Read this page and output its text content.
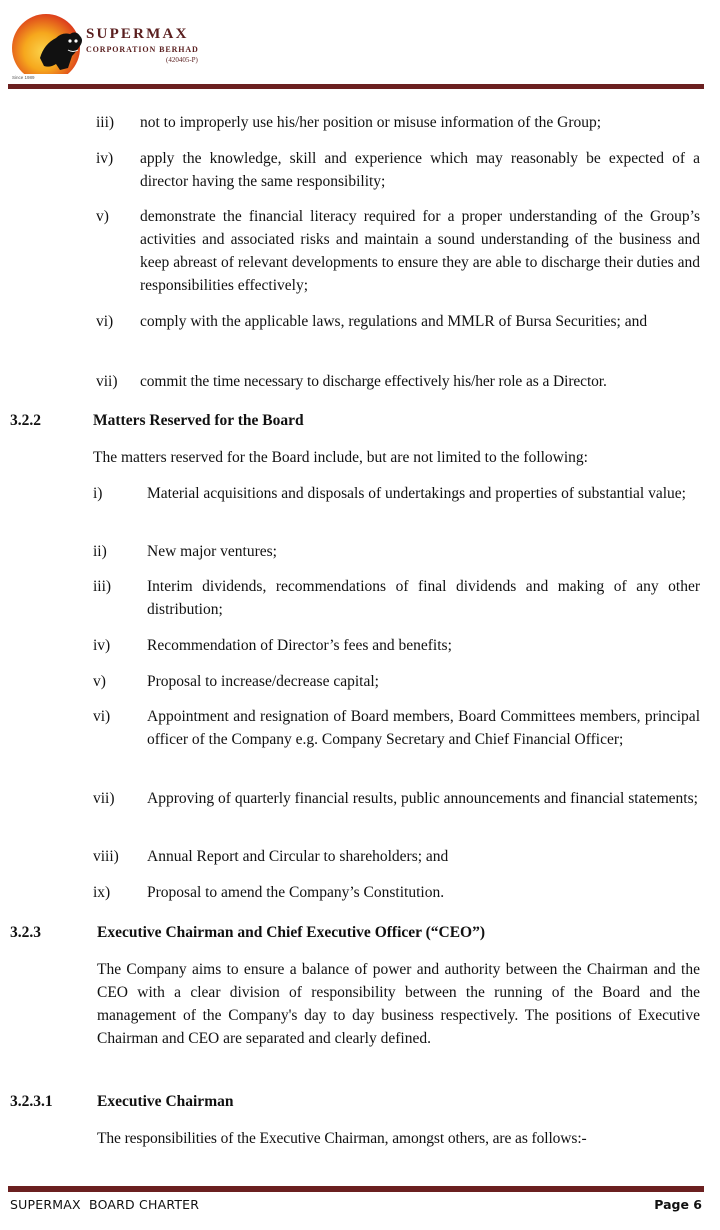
SUPERMAX
CORPORATION BERHAD
(420405-P)
Since 1989
iii) not to improperly use his/her position or misuse information of the Group;
iv) apply the knowledge, skill and experience which may reasonably be expected of a director having the same responsibility;
v) demonstrate the financial literacy required for a proper understanding of the Group’s activities and associated risks and maintain a sound understanding of the business and keep abreast of relevant developments to ensure they are able to discharge their duties and responsibilities effectively;
vi) comply with the applicable laws, regulations and MMLR of Bursa Securities; and
vii) commit the time necessary to discharge effectively his/her role as a Director.
3.2.2	Matters Reserved for the Board
The matters reserved for the Board include, but are not limited to the following:
i)	Material acquisitions and disposals of undertakings and properties of substantial value;
ii)	New major ventures;
iii) Interim dividends, recommendations of final dividends and making of any other distribution;
iv) Recommendation of Director’s fees and benefits;
v)	Proposal to increase/decrease capital;
vi) Appointment and resignation of Board members, Board Committees members, principal officer of the Company e.g. Company Secretary and Chief Financial Officer;
vii) Approving of quarterly financial results, public announcements and financial statements;
viii) Annual Report and Circular to shareholders; and
ix) Proposal to amend the Company’s Constitution.
3.2.3	Executive Chairman and Chief Executive Officer (“CEO”)
The Company aims to ensure a balance of power and authority between the Chairman and the CEO with a clear division of responsibility between the running of the Board and the management of the Company's day to day business respectively. The positions of Executive Chairman and CEO are separated and clearly defined.
3.2.3.1	Executive Chairman
The responsibilities of the Executive Chairman, amongst others, are as follows:-
SUPERMAX  BOARD CHARTER	Page 6
